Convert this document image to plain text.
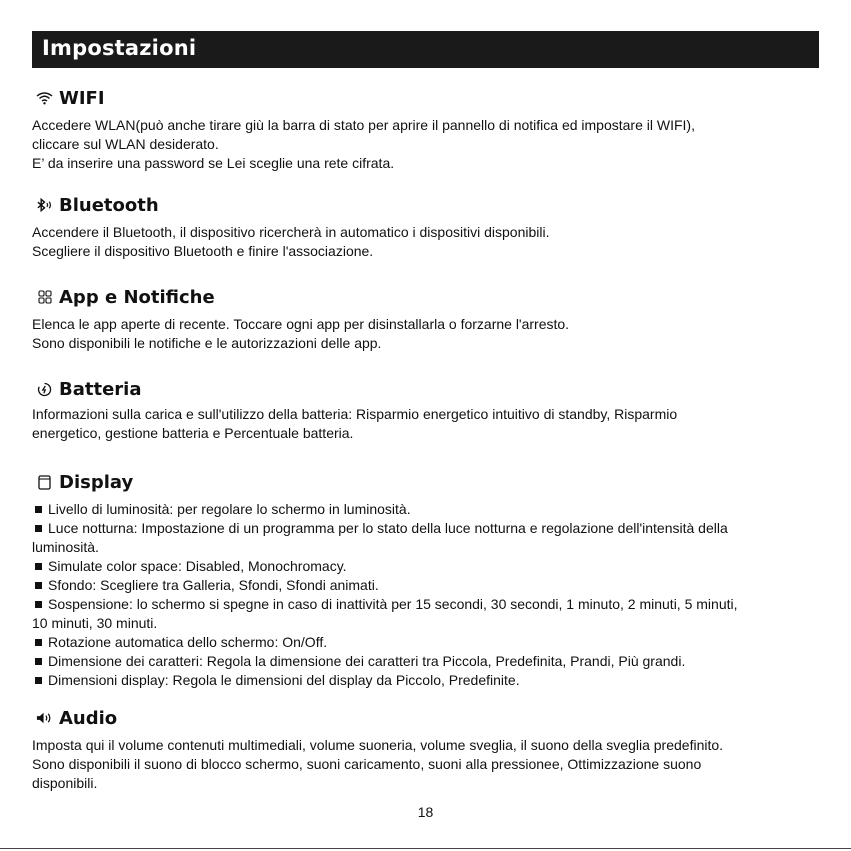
Impostazioni
WIFI
Accedere WLAN(può anche tirare giù la barra di stato per aprire il pannello di notifica ed impostare il WIFI),
cliccare sul WLAN desiderato.
E’ da inserire una password se Lei sceglie una rete cifrata.
Bluetooth
Accendere il Bluetooth, il dispositivo ricercherà in automatico i dispositivi disponibili.
Scegliere il dispositivo Bluetooth e finire l'associazione.
App e Notifiche
Elenca le app aperte di recente. Toccare ogni app per disinstallarla o forzarne l'arresto.
Sono disponibili le notifiche e le autorizzazioni delle app.
Batteria
Informazioni sulla carica e sull'utilizzo della batteria: Risparmio energetico intuitivo di standby, Risparmio
energetico, gestione batteria e Percentuale batteria.
Display
Livello di luminosità: per regolare lo schermo in luminosità.
Luce notturna: Impostazione di un programma per lo stato della luce notturna e regolazione dell'intensità della
luminosità.
Simulate color space: Disabled, Monochromacy.
Sfondo: Scegliere tra Galleria, Sfondi, Sfondi animati.
Sospensione: lo schermo si spegne in caso di inattività per 15 secondi, 30 secondi, 1 minuto, 2 minuti, 5 minuti,
10 minuti, 30 minuti.
Rotazione automatica dello schermo: On/Off.
Dimensione dei caratteri: Regola la dimensione dei caratteri tra Piccola, Predefinita, Prandi, Più grandi.
Dimensioni display: Regola le dimensioni del display da Piccolo, Predefinite.
Audio
Imposta qui il volume contenuti multimediali, volume suoneria, volume sveglia, il suono della sveglia predefinito.
Sono disponibili il suono di blocco schermo, suoni caricamento, suoni alla pressionee, Ottimizzazione suono
disponibili.
18
